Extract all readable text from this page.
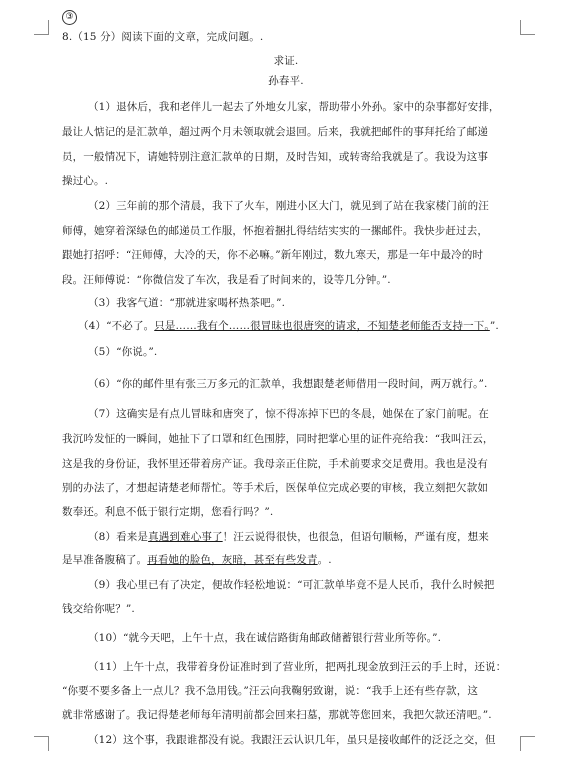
③
8.（15 分）阅读下面的文章，完成问题。.
求证.
孙春平.
（1）退休后，我和老伴儿一起去了外地女儿家，帮助带小外孙。家中的杂事都好安排，
最让人惦记的是汇款单，超过两个月未领取就会退回。后来，我就把邮件的事拜托给了邮递
员，一般情况下，请她特别注意汇款单的日期，及时告知，或转寄给我就是了。我设为这事
操过心。.
（2）三年前的那个清晨，我下了火车，刚进小区大门，就见到了站在我家楼门前的汪
师傅，她穿着深绿色的邮递员工作服，怀抱着捆扎得结结实实的一摞邮件。我快步赶过去，
跟她打招呼：“汪师傅，大冷的天，你不必嘛。”新年刚过，数九寒天，那是一年中最冷的时
段。汪师傅说：“你微信发了车次，我是看了时间来的，设等几分钟。”.
（3）我客气道：“那就进家喝杯热茶吧。”.
（5）“你说。”.
（6）“你的邮件里有张三万多元的汇款单，我想跟楚老师借用一段时间，两万就行。”.
（7）这确实是有点儿冒昧和唐突了，惊不得冻掉下巴的冬晨，她保在了家门前呢。在
我沉吟发怔的一瞬间，她扯下了口罩和红色围脖，同时把掌心里的证件亮给我：“我叫汪云，
这是我的身份证，我怀里还带着房产证。我母亲正住院，手术前要求交足费用。我也是没有
别的办法了，才想起请楚老师帮忙。等手术后，医保单位完成必要的审核，我立刻把欠款如
数奉还。利息不低于银行定期，您看行吗？”.
（9）我心里已有了决定，便故作轻松地说：“可汇款单毕竟不是人民币，我什么时候把
钱交给你呢？”.
（10）“就今天吧，上午十点，我在诚信路街角邮政储蓄银行营业所等你。”.
（11）上午十点，我带着身份证准时到了营业所，把两扎现金放到汪云的手上时，还说：
“你要不要多备上一点儿？我不急用钱。”汪云向我鞠躬致谢，说：“我手上还有些存款，这
就非常感谢了。我记得楚老师每年清明前都会回来扫墓，那就等您回来，我把欠款还清吧。”.
（12）这个事，我跟谁都没有说。我跟汪云认识几年，虽只是接收邮件的泛泛之交，但
（4）“不必了。只是……我有个……很冒昧也很唐突的请求，不知楚老师能否支持一下。”.
（8）看来是真遇到难心事了！汪云说得很快，也很急，但语句顺畅，严谨有度，想来
是早准备腹稿了。再看她的脸色，灰暗，甚至有些发青。.
